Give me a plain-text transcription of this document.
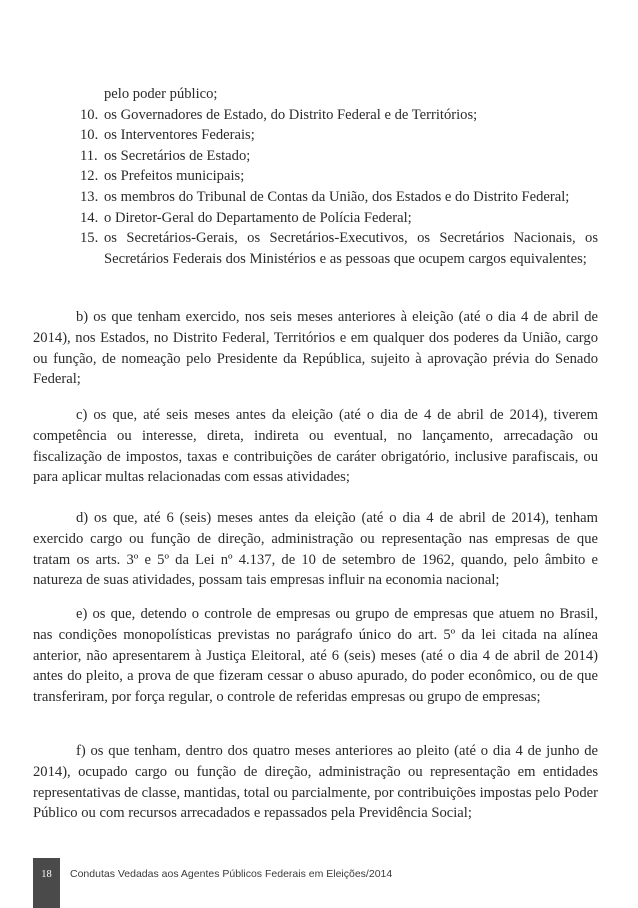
pelo poder público;
10. os Governadores de Estado, do Distrito Federal e de Territórios;
10. os Interventores Federais;
11. os Secretários de Estado;
12. os Prefeitos municipais;
13. os membros do Tribunal de Contas da União, dos Estados e do Distrito Federal;
14. o Diretor-Geral do Departamento de Polícia Federal;
15. os Secretários-Gerais, os Secretários-Executivos, os Secretários Nacionais, os Secretários Federais dos Ministérios e as pessoas que ocupem cargos equivalentes;
b) os que tenham exercido, nos seis meses anteriores à eleição (até o dia 4 de abril de 2014), nos Estados, no Distrito Federal, Territórios e em qualquer dos poderes da União, cargo ou função, de nomeação pelo Presidente da República, sujeito à aprovação prévia do Senado Federal;
c) os que, até seis meses antes da eleição (até o dia de 4 de abril de 2014), tiverem competência ou interesse, direta, indireta ou eventual, no lançamento, arrecadação ou fiscalização de impostos, taxas e contribuições de caráter obrigatório, inclusive parafiscais, ou para aplicar multas relacionadas com essas atividades;
d) os que, até 6 (seis) meses antes da eleição (até o dia 4 de abril de 2014), tenham exercido cargo ou função de direção, administração ou representação nas empresas de que tratam os arts. 3º e 5º da Lei nº 4.137, de 10 de setembro de 1962, quando, pelo âmbito e natureza de suas atividades, possam tais empresas influir na economia nacional;
e) os que, detendo o controle de empresas ou grupo de empresas que atuem no Brasil, nas condições monopolísticas previstas no parágrafo único do art. 5º da lei citada na alínea anterior, não apresentarem à Justiça Eleitoral, até 6 (seis) meses (até o dia 4 de abril de 2014) antes do pleito, a prova de que fizeram cessar o abuso apurado, do poder econômico, ou de que transferiram, por força regular, o controle de referidas empresas ou grupo de empresas;
f) os que tenham, dentro dos quatro meses anteriores ao pleito (até o dia 4 de junho de 2014), ocupado cargo ou função de direção, administração ou representação em entidades representativas de classe, mantidas, total ou parcialmente, por contribuições impostas pelo Poder Público ou com recursos arrecadados e repassados pela Previdência Social;
18	Condutas Vedadas aos Agentes Públicos Federais em Eleições/2014
